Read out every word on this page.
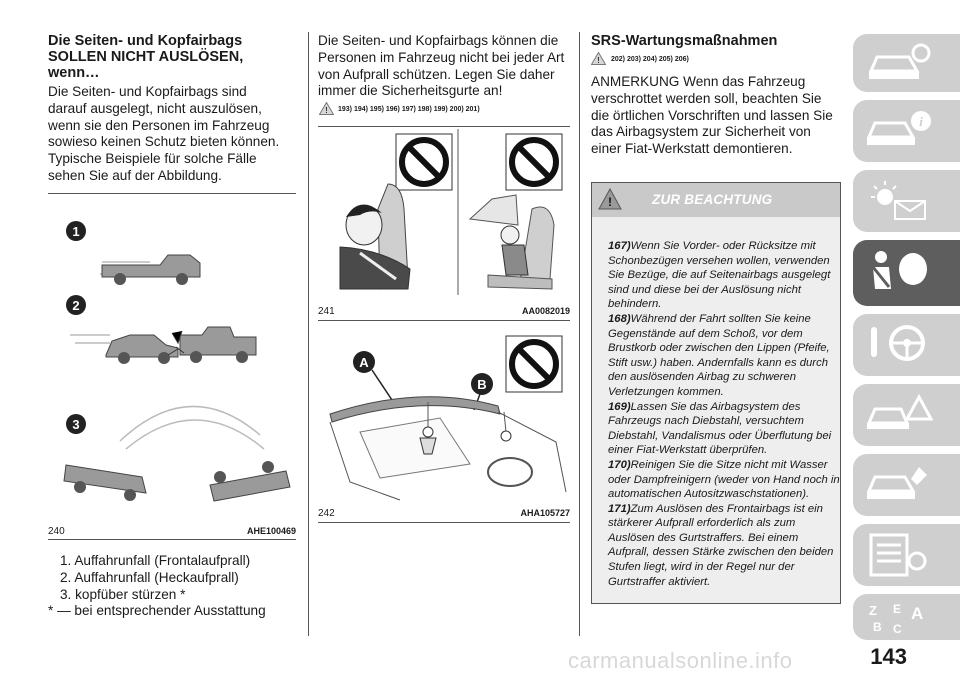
Die Seiten- und Kopfairbags SOLLEN NICHT AUSLÖSEN, wenn…
Die Seiten- und Kopfairbags sind darauf ausgelegt, nicht auszulösen, wenn sie den Personen im Fahrzeug sowieso keinen Schutz bieten können. Typische Beispiele für solche Fälle sehen Sie auf der Abbildung.
1
2
3
240	AHE100469

1. Auffahrunfall (Frontalaufprall)

2. Auffahrunfall (Heckaufprall)

3. kopfüber stürzen *

* — bei entsprechender Ausstattung

Die Seiten- und Kopfairbags können die Personen im Fahrzeug nicht bei jeder Art von Aufprall schützen. Legen Sie daher immer die Sicherheitsgurte an!
! 193) 194) 195) 196) 197) 198) 199) 200) 201)
241	AA0082019
A
B
242	AHA105727
SRS-Wartungsmaßnahmen
! 202) 203) 204) 205) 206)
ANMERKUNG Wenn das Fahrzeug verschrottet werden soll, beachten Sie die örtlichen Vorschriften und lassen Sie das Airbagsystem zur Sicherheit von einer Fiat-Werkstatt demontieren.
!	ZUR BEACHTUNG

167)Wenn Sie Vorder- oder Rücksitze mit Schonbezügen versehen wollen, verwenden Sie Bezüge, die auf Seitenairbags ausgelegt sind und diese bei der Auslösung nicht behindern.

168)Während der Fahrt sollten Sie keine Gegenstände auf dem Schoß, vor dem Brustkorb oder zwischen den Lippen (Pfeife, Stift usw.) haben. Andernfalls kann es durch den auslösenden Airbag zu schweren Verletzungen kommen.

169)Lassen Sie das Airbagsystem des Fahrzeugs nach Diebstahl, versuchtem Diebstahl, Vandalismus oder Überflutung bei einer Fiat-Werkstatt überprüfen.

170)Reinigen Sie die Sitze nicht mit Wasser oder Dampfreinigern (weder von Hand noch in automatischen Autositzwaschstationen).

171)Zum Auslösen des Frontairbags ist ein stärkerer Aufprall erforderlich als zum Auslösen des Gurtstraffers. Bei einem Aufprall, dessen Stärke zwischen den beiden Stufen liegt, wird in der Regel nur der Gurtstraffer aktiviert.

i
Z E A
B C
carmanualsonline.info	143
